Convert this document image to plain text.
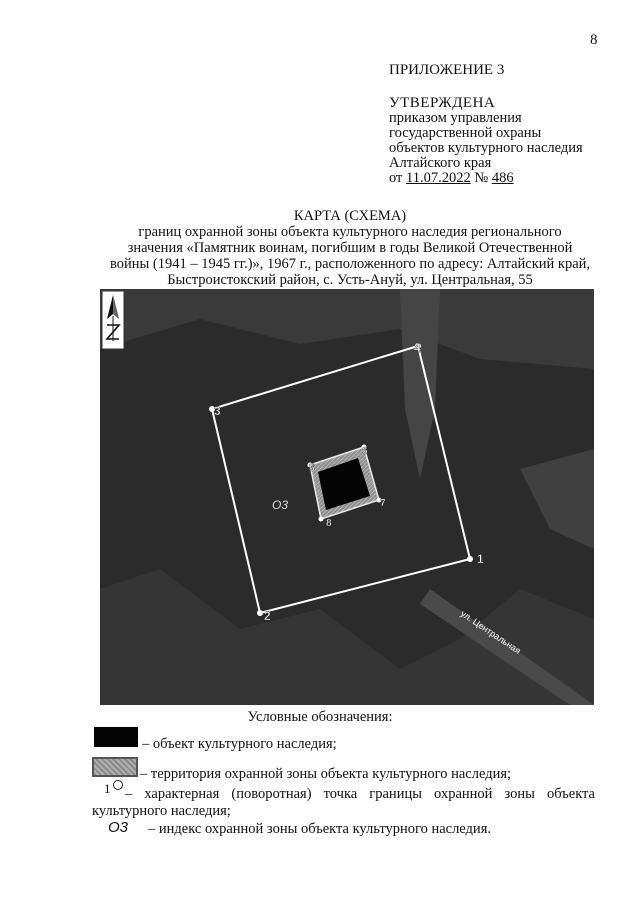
8
ПРИЛОЖЕНИЕ 3
УТВЕРЖДЕНА
приказом управления
государственной охраны
объектов культурного наследия
Алтайского края
от 11.07.2022 № 486
КАРТА (СХЕМА)
границ охранной зоны объекта культурного наследия регионального
значения «Памятник воинам, погибшим в годы Великой Отечественной
войны (1941 – 1945 гг.)», 1967 г., расположенного по адресу: Алтайский край,
Быстроистокский район, с. Усть-Ануй, ул. Центральная, 55
1
2
3
4
5
6
7
8
О3
ул. Центральная
Условные обозначения:
– объект культурного наследия;
– территория охранной зоны объекта культурного наследия;
1 – характерная (поворотная) точка границы охранной зоны объекта
культурного наследия;
О3 – индекс охранной зоны объекта культурного наследия.
